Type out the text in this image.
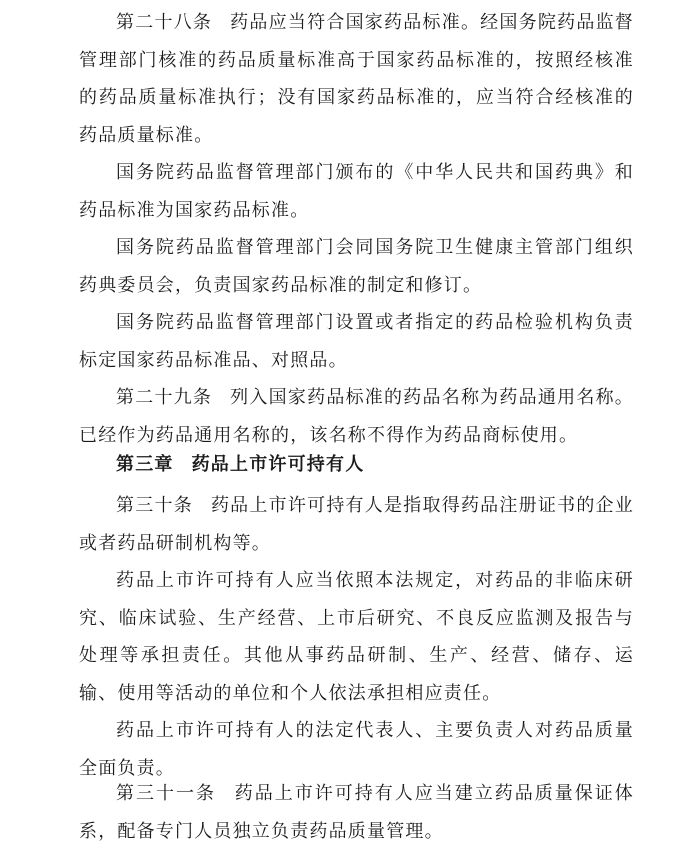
第二十八条 药品应当符合国家药品标准。经国务院药品监督管理部门核准的药品质量标准高于国家药品标准的，按照经核准的药品质量标准执行；没有国家药品标准的，应当符合经核准的药品质量标准。

国务院药品监督管理部门颁布的《中华人民共和国药典》和药品标准为国家药品标准。

国务院药品监督管理部门会同国务院卫生健康主管部门组织药典委员会，负责国家药品标准的制定和修订。

国务院药品监督管理部门设置或者指定的药品检验机构负责标定国家药品标准品、对照品。

第二十九条 列入国家药品标准的药品名称为药品通用名称。已经作为药品通用名称的，该名称不得作为药品商标使用。

第三章 药品上市许可持有人

第三十条 药品上市许可持有人是指取得药品注册证书的企业或者药品研制机构等。

药品上市许可持有人应当依照本法规定，对药品的非临床研究、临床试验、生产经营、上市后研究、不良反应监测及报告与处理等承担责任。其他从事药品研制、生产、经营、储存、运输、使用等活动的单位和个人依法承担相应责任。

药品上市许可持有人的法定代表人、主要负责人对药品质量全面负责。

第三十一条 药品上市许可持有人应当建立药品质量保证体系，配备专门人员独立负责药品质量管理。
